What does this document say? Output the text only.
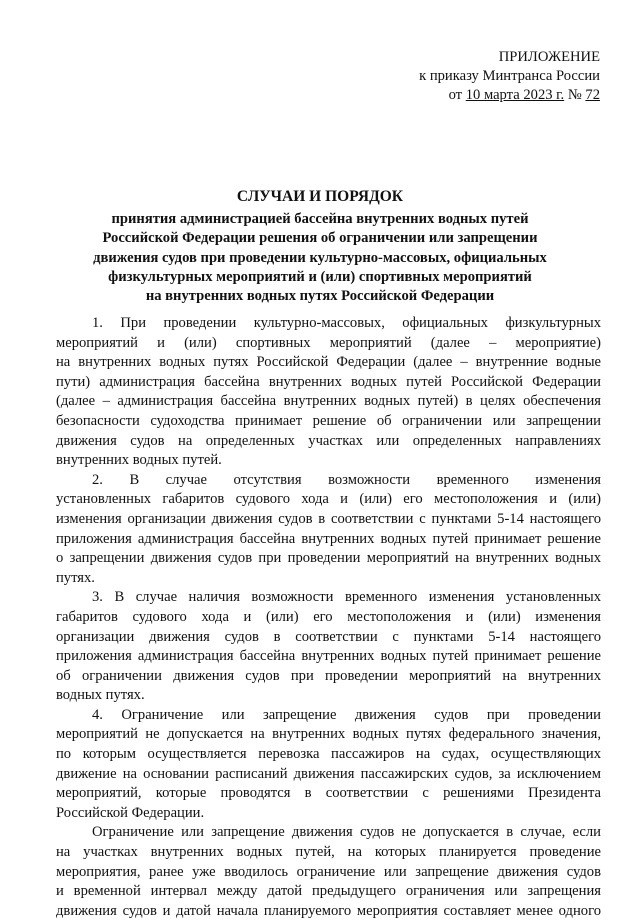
ПРИЛОЖЕНИЕ
к приказу Минтранса России
от 10 марта 2023 г. № 72
СЛУЧАИ И ПОРЯДОК
принятия администрацией бассейна внутренних водных путей
Российской Федерации решения об ограничении или запрещении
движения судов при проведении культурно-массовых, официальных
физкультурных мероприятий и (или) спортивных мероприятий
на внутренних водных путях Российской Федерации
1. При проведении культурно-массовых, официальных физкультурных
мероприятий и (или) спортивных мероприятий (далее – мероприятие)
на внутренних водных путях Российской Федерации (далее – внутренние водные
пути) администрация бассейна внутренних водных путей Российской Федерации
(далее – администрация бассейна внутренних водных путей) в целях обеспечения
безопасности судоходства принимает решение об ограничении или запрещении
движения судов на определенных участках или определенных направлениях
внутренних водных путей.
2. В случае отсутствия возможности временного изменения
установленных габаритов судового хода и (или) его местоположения и (или)
изменения организации движения судов в соответствии с пунктами 5-14 настоящего
приложения администрация бассейна внутренних водных путей принимает решение
о запрещении движения судов при проведении мероприятий на внутренних водных
путях.
3. В случае наличия возможности временного изменения установленных
габаритов судового хода и (или) его местоположения и (или) изменения
организации движения судов в соответствии с пунктами 5-14 настоящего
приложения администрация бассейна внутренних водных путей принимает решение
об ограничении движения судов при проведении мероприятий на внутренних
водных путях.
4. Ограничение или запрещение движения судов при проведении
мероприятий не допускается на внутренних водных путях федерального значения,
по которым осуществляется перевозка пассажиров на судах, осуществляющих
движение на основании расписаний движения пассажирских судов, за исключением
мероприятий, которые проводятся в соответствии с решениями Президента
Российской Федерации.
Ограничение или запрещение движения судов не допускается в случае, если
на участках внутренних водных путей, на которых планируется проведение
мероприятия, ранее уже вводилось ограничение или запрещение движения судов
и временной интервал между датой предыдущего ограничения или запрещения
движения судов и датой начала планируемого мероприятия составляет менее одного
